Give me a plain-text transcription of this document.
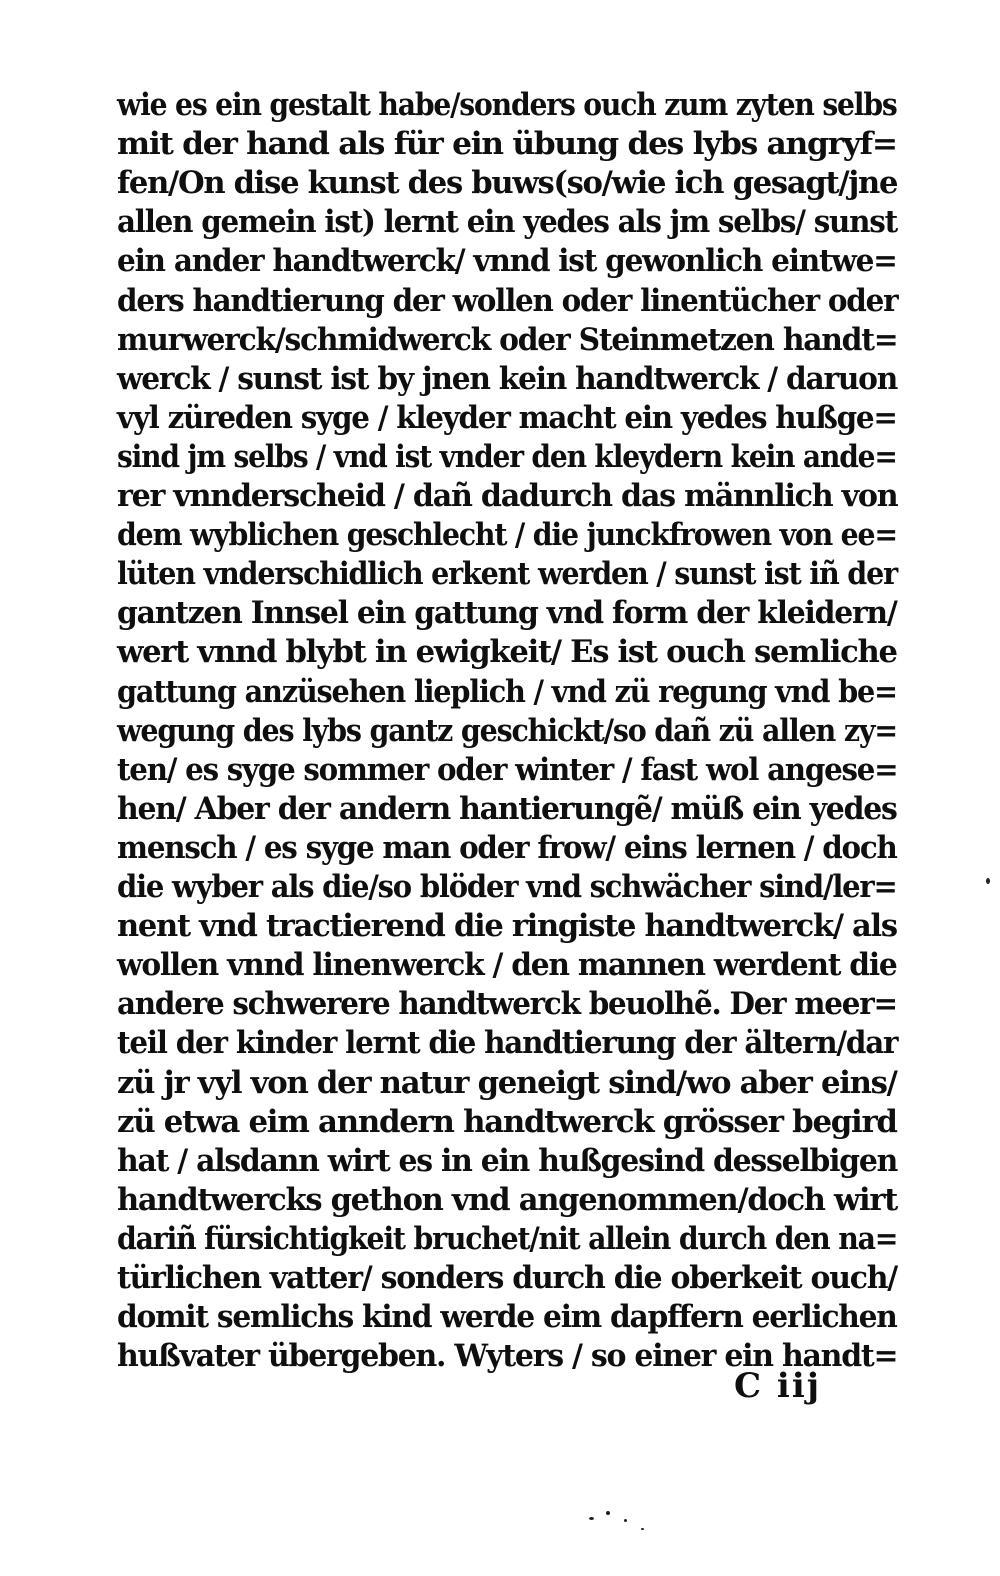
wie es ein gestalt habe/sonders ouch zum zyten selbs
mit der hand als für ein übung des lybs angryf=
fen/On dise kunst des buws(so/wie ich gesagt/jne
allen gemein ist) lernt ein yedes als jm selbs/ sunst
ein ander handtwerck/ vnnd ist gewonlich eintwe=
ders handtierung der wollen oder linentücher oder
murwerck/schmidwerck oder Steinmetzen handt=
werck / sunst ist by jnen kein handtwerck / daruon
vyl züreden syge / kleyder macht ein yedes hußge=
sind jm selbs / vnd ist vnder den kleydern kein ande=
rer vnnderscheid / dañ dadurch das männlich von
dem wyblichen geschlecht / die junckfrowen von ee=
lüten vnderschidlich erkent werden / sunst ist iñ der
gantzen Innsel ein gattung vnd form der kleidern/
wert vnnd blybt in ewigkeit/ Es ist ouch semliche
gattung anzüsehen lieplich / vnd zü regung vnd be=
wegung des lybs gantz geschickt/so dañ zü allen zy=
ten/ es syge sommer oder winter / fast wol angese=
hen/ Aber der andern hantierungẽ/ müß ein yedes
mensch / es syge man oder frow/ eins lernen / doch
die wyber als die/so blöder vnd schwächer sind/ler=
nent vnd tractierend die ringiste handtwerck/ als
wollen vnnd linenwerck / den mannen werdent die
andere schwerere handtwerck beuolhẽ. Der meer=
teil der kinder lernt die handtierung der ältern/dar
zü jr vyl von der natur geneigt sind/wo aber eins/
zü etwa eim anndern handtwerck grösser begird
hat / alsdann wirt es in ein hußgesind desselbigen
handtwercks gethon vnd angenommen/doch wirt
dariñ fürsichtigkeit bruchet/nit allein durch den na=
türlichen vatter/ sonders durch die oberkeit ouch/
domit semlichs kind werde eim dapffern eerlichen
hußvater übergeben. Wyters / so einer ein handt=
C iij
